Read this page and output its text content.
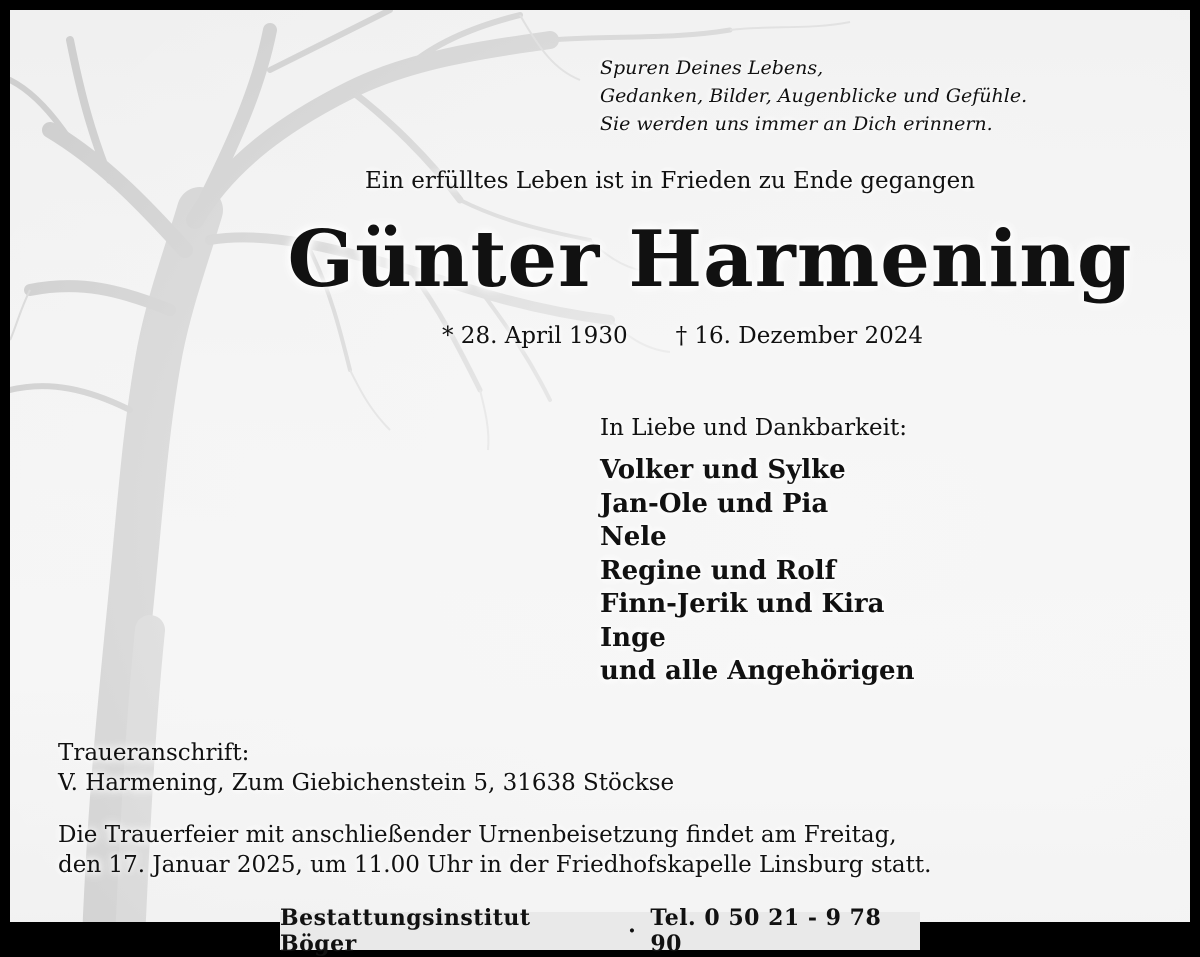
Spuren Deines Lebens,
Gedanken, Bilder, Augenblicke und Gefühle.
Sie werden uns immer an Dich erinnern.
Ein erfülltes Leben ist in Frieden zu Ende gegangen
Günter Harmening
* 28. April 1930 † 16. Dezember 2024
In Liebe und Dankbarkeit:
Volker und Sylke
Jan-Ole und Pia
Nele
Regine und Rolf
Finn-Jerik und Kira
Inge
und alle Angehörigen
Traueranschrift:
V. Harmening, Zum Giebichenstein 5, 31638 Stöckse
Die Trauerfeier mit anschließender Urnenbeisetzung findet am Freitag,
den 17. Januar 2025, um 11.00 Uhr in der Friedhofskapelle Linsburg statt.
Bestattungsinstitut Böger	· Tel. 0 50 21 - 9 78 90
